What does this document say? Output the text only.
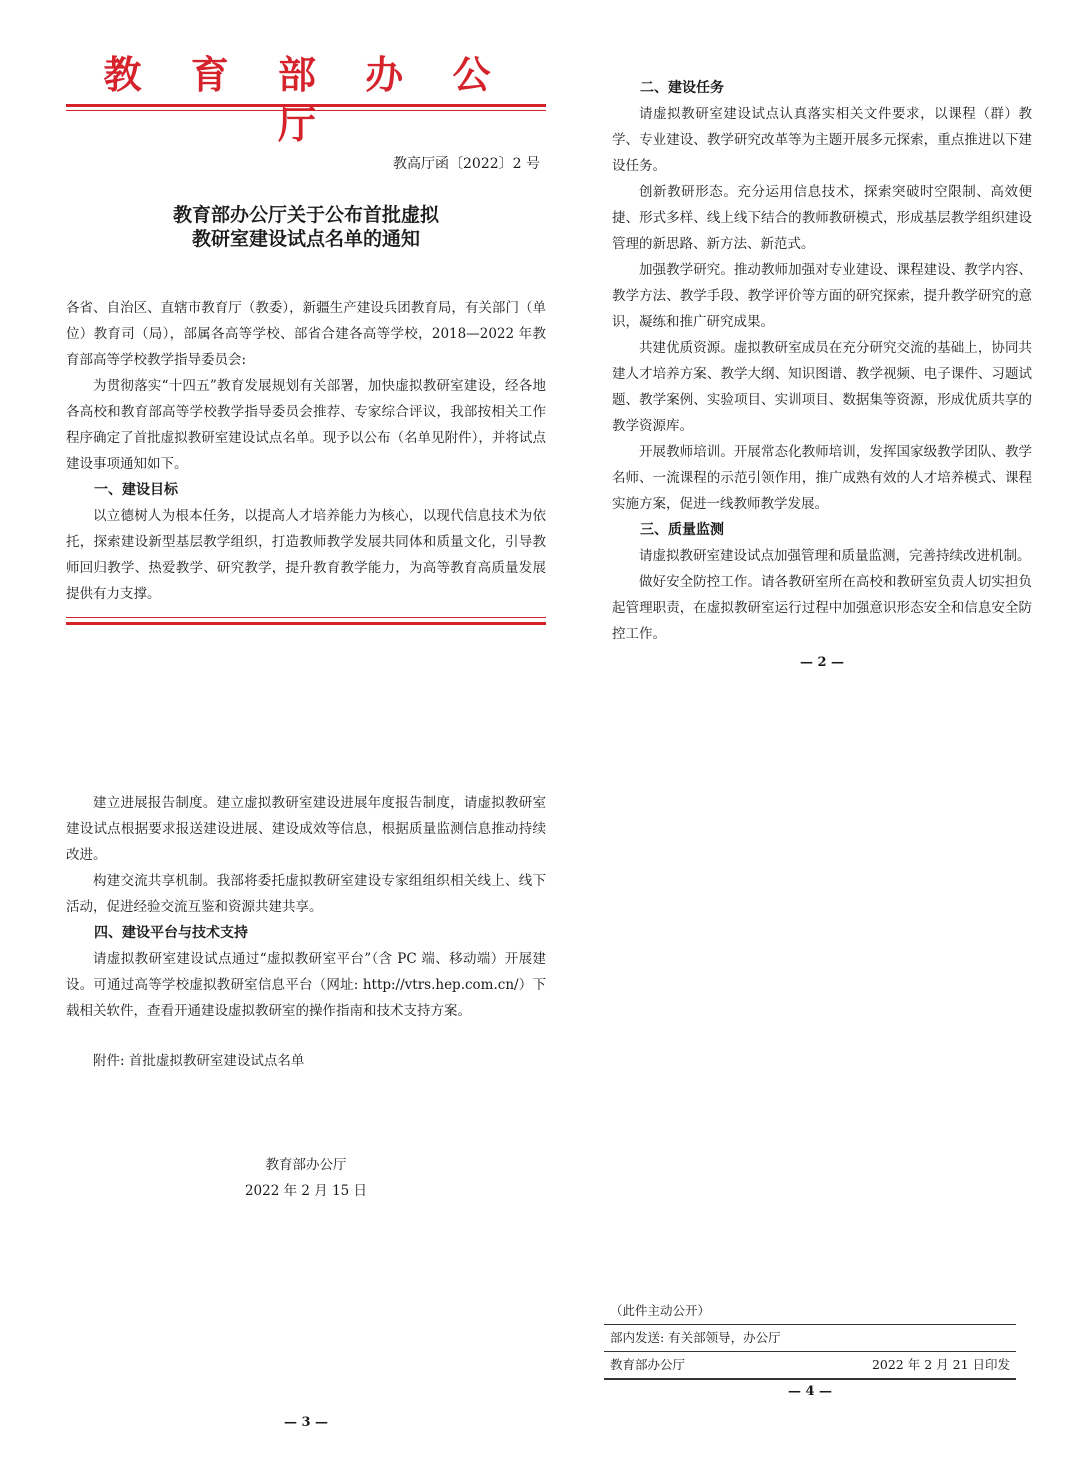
教 育 部 办 公 厅
教高厅函〔2022〕2 号
教育部办公厅关于公布首批虚拟
教研室建设试点名单的通知

各省、自治区、直辖市教育厅（教委），新疆生产建设兵团教育局，有关部门（单位）教育司（局），部属各高等学校、部省合建各高等学校，2018—2022 年教育部高等学校教学指导委员会:

为贯彻落实“十四五”教育发展规划有关部署，加快虚拟教研室建设，经各地各高校和教育部高等学校教学指导委员会推荐、专家综合评议，我部按相关工作程序确定了首批虚拟教研室建设试点名单。现予以公布（名单见附件），并将试点建设事项通知如下。

一、建设目标

以立德树人为根本任务，以提高人才培养能力为核心，以现代信息技术为依托，探索建设新型基层教学组织，打造教师教学发展共同体和质量文化，引导教师回归教学、热爱教学、研究教学，提升教育教学能力，为高等教育高质量发展提供有力支撑。

二、建设任务

请虚拟教研室建设试点认真落实相关文件要求，以课程（群）教学、专业建设、教学研究改革等为主题开展多元探索，重点推进以下建设任务。

创新教研形态。充分运用信息技术，探索突破时空限制、高效便捷、形式多样、线上线下结合的教师教研模式，形成基层教学组织建设管理的新思路、新方法、新范式。

加强教学研究。推动教师加强对专业建设、课程建设、教学内容、教学方法、教学手段、教学评价等方面的研究探索，提升教学研究的意识，凝练和推广研究成果。

共建优质资源。虚拟教研室成员在充分研究交流的基础上，协同共建人才培养方案、教学大纲、知识图谱、教学视频、电子课件、习题试题、教学案例、实验项目、实训项目、数据集等资源，形成优质共享的教学资源库。

开展教师培训。开展常态化教师培训，发挥国家级教学团队、教学名师、一流课程的示范引领作用，推广成熟有效的人才培养模式、课程实施方案，促进一线教师教学发展。

三、质量监测

请虚拟教研室建设试点加强管理和质量监测，完善持续改进机制。

做好安全防控工作。请各教研室所在高校和教研室负责人切实担负起管理职责，在虚拟教研室运行过程中加强意识形态安全和信息安全防控工作。

— 2 —

建立进展报告制度。建立虚拟教研室建设进展年度报告制度，请虚拟教研室建设试点根据要求报送建设进展、建设成效等信息，根据质量监测信息推动持续改进。

构建交流共享机制。我部将委托虚拟教研室建设专家组组织相关线上、线下活动，促进经验交流互鉴和资源共建共享。

四、建设平台与技术支持

请虚拟教研室建设试点通过“虚拟教研室平台”（含 PC 端、移动端）开展建设。可通过高等学校虚拟教研室信息平台（网址: http://vtrs.hep.com.cn/）下载相关软件，查看开通建设虚拟教研室的操作指南和技术支持方案。

附件: 首批虚拟教研室建设试点名单

教育部办公厅
2022 年 2 月 15 日
— 3 —
（此件主动公开）
部内发送: 有关部领导，办公厅
教育部办公厅	2022 年 2 月 21 日印发
— 4 —
